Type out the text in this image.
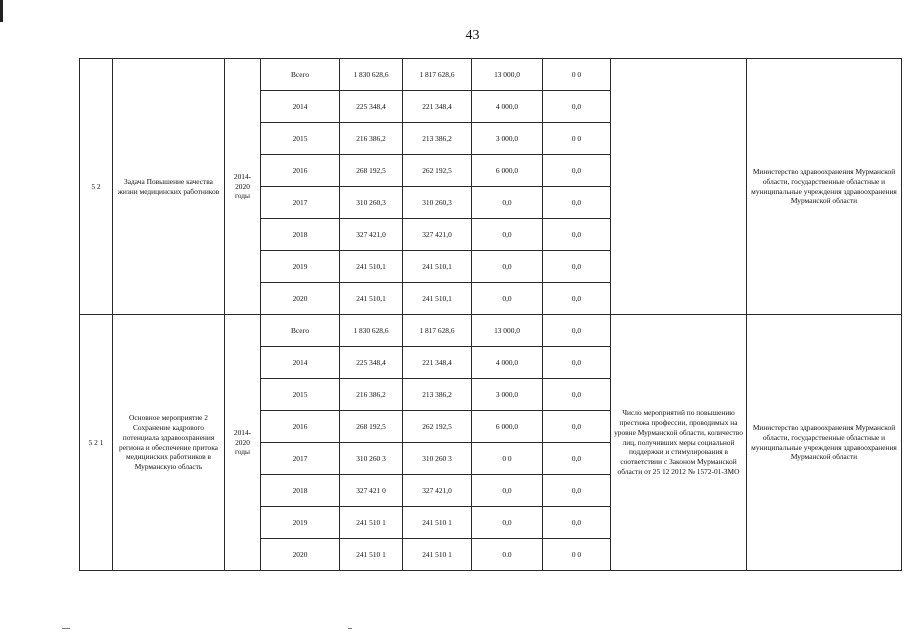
43
5 2	Задача Повышение качества жизни медицинских работников	2014-2020 годы	Всего	1 830 628,6	1 817 628,6	13 000,0	0 0		Министерство здравоохранения Мурманской области, государственные областные и муниципальные учреждения здравоохранения Мурманской области
			2014	225 348,4	221 348,4	4 000,0	0,0		
			2015	216 386,2	213 386,2	3 000,0	0 0		
			2016	268 192,5	262 192,5	6 000,0	0,0		
			2017	310 260,3	310 260,3	0,0	0,0		
			2018	327 421,0	327 421,0	0,0	0,0		
			2019	241 510,1	241 510,1	0,0	0,0		
			2020	241 510,1	241 510,1	0,0	0,0		
5 2 1	Основное мероприятие 2 Сохранение кадрового потенциала здравоохранения региона и обеспечение притока медицинских работников в Мурманскую область	2014-2020 годы	Всего	1 830 628,6	1 817 628,6	13 000,0	0,0	Число мероприятий по повышению престижа профессии, проводимых на уровне Мурманской области, количество лиц, получивших меры социальной поддержки и стимулирования в соответствии с Законом Мурманской области от 25 12 2012 № 1572-01-ЗМО	Министерство здравоохранения Мурманской области, государственные областные и муниципальные учреждения здравоохранения Мурманской области
			2014	225 348,4	221 348,4	4 000,0	0,0		
			2015	216 386,2	213 386,2	3 000,0	0,0		
			2016	268 192,5	262 192,5	6 000,0	0,0		
			2017	310 260 3	310 260 3	0 0	0,0		
			2018	327 421 0	327 421,0	0,0	0,0		
			2019	241 510 1	241 510 1	0,0	0,0		
			2020	241 510 1	241 510 1	0.0	0 0		
